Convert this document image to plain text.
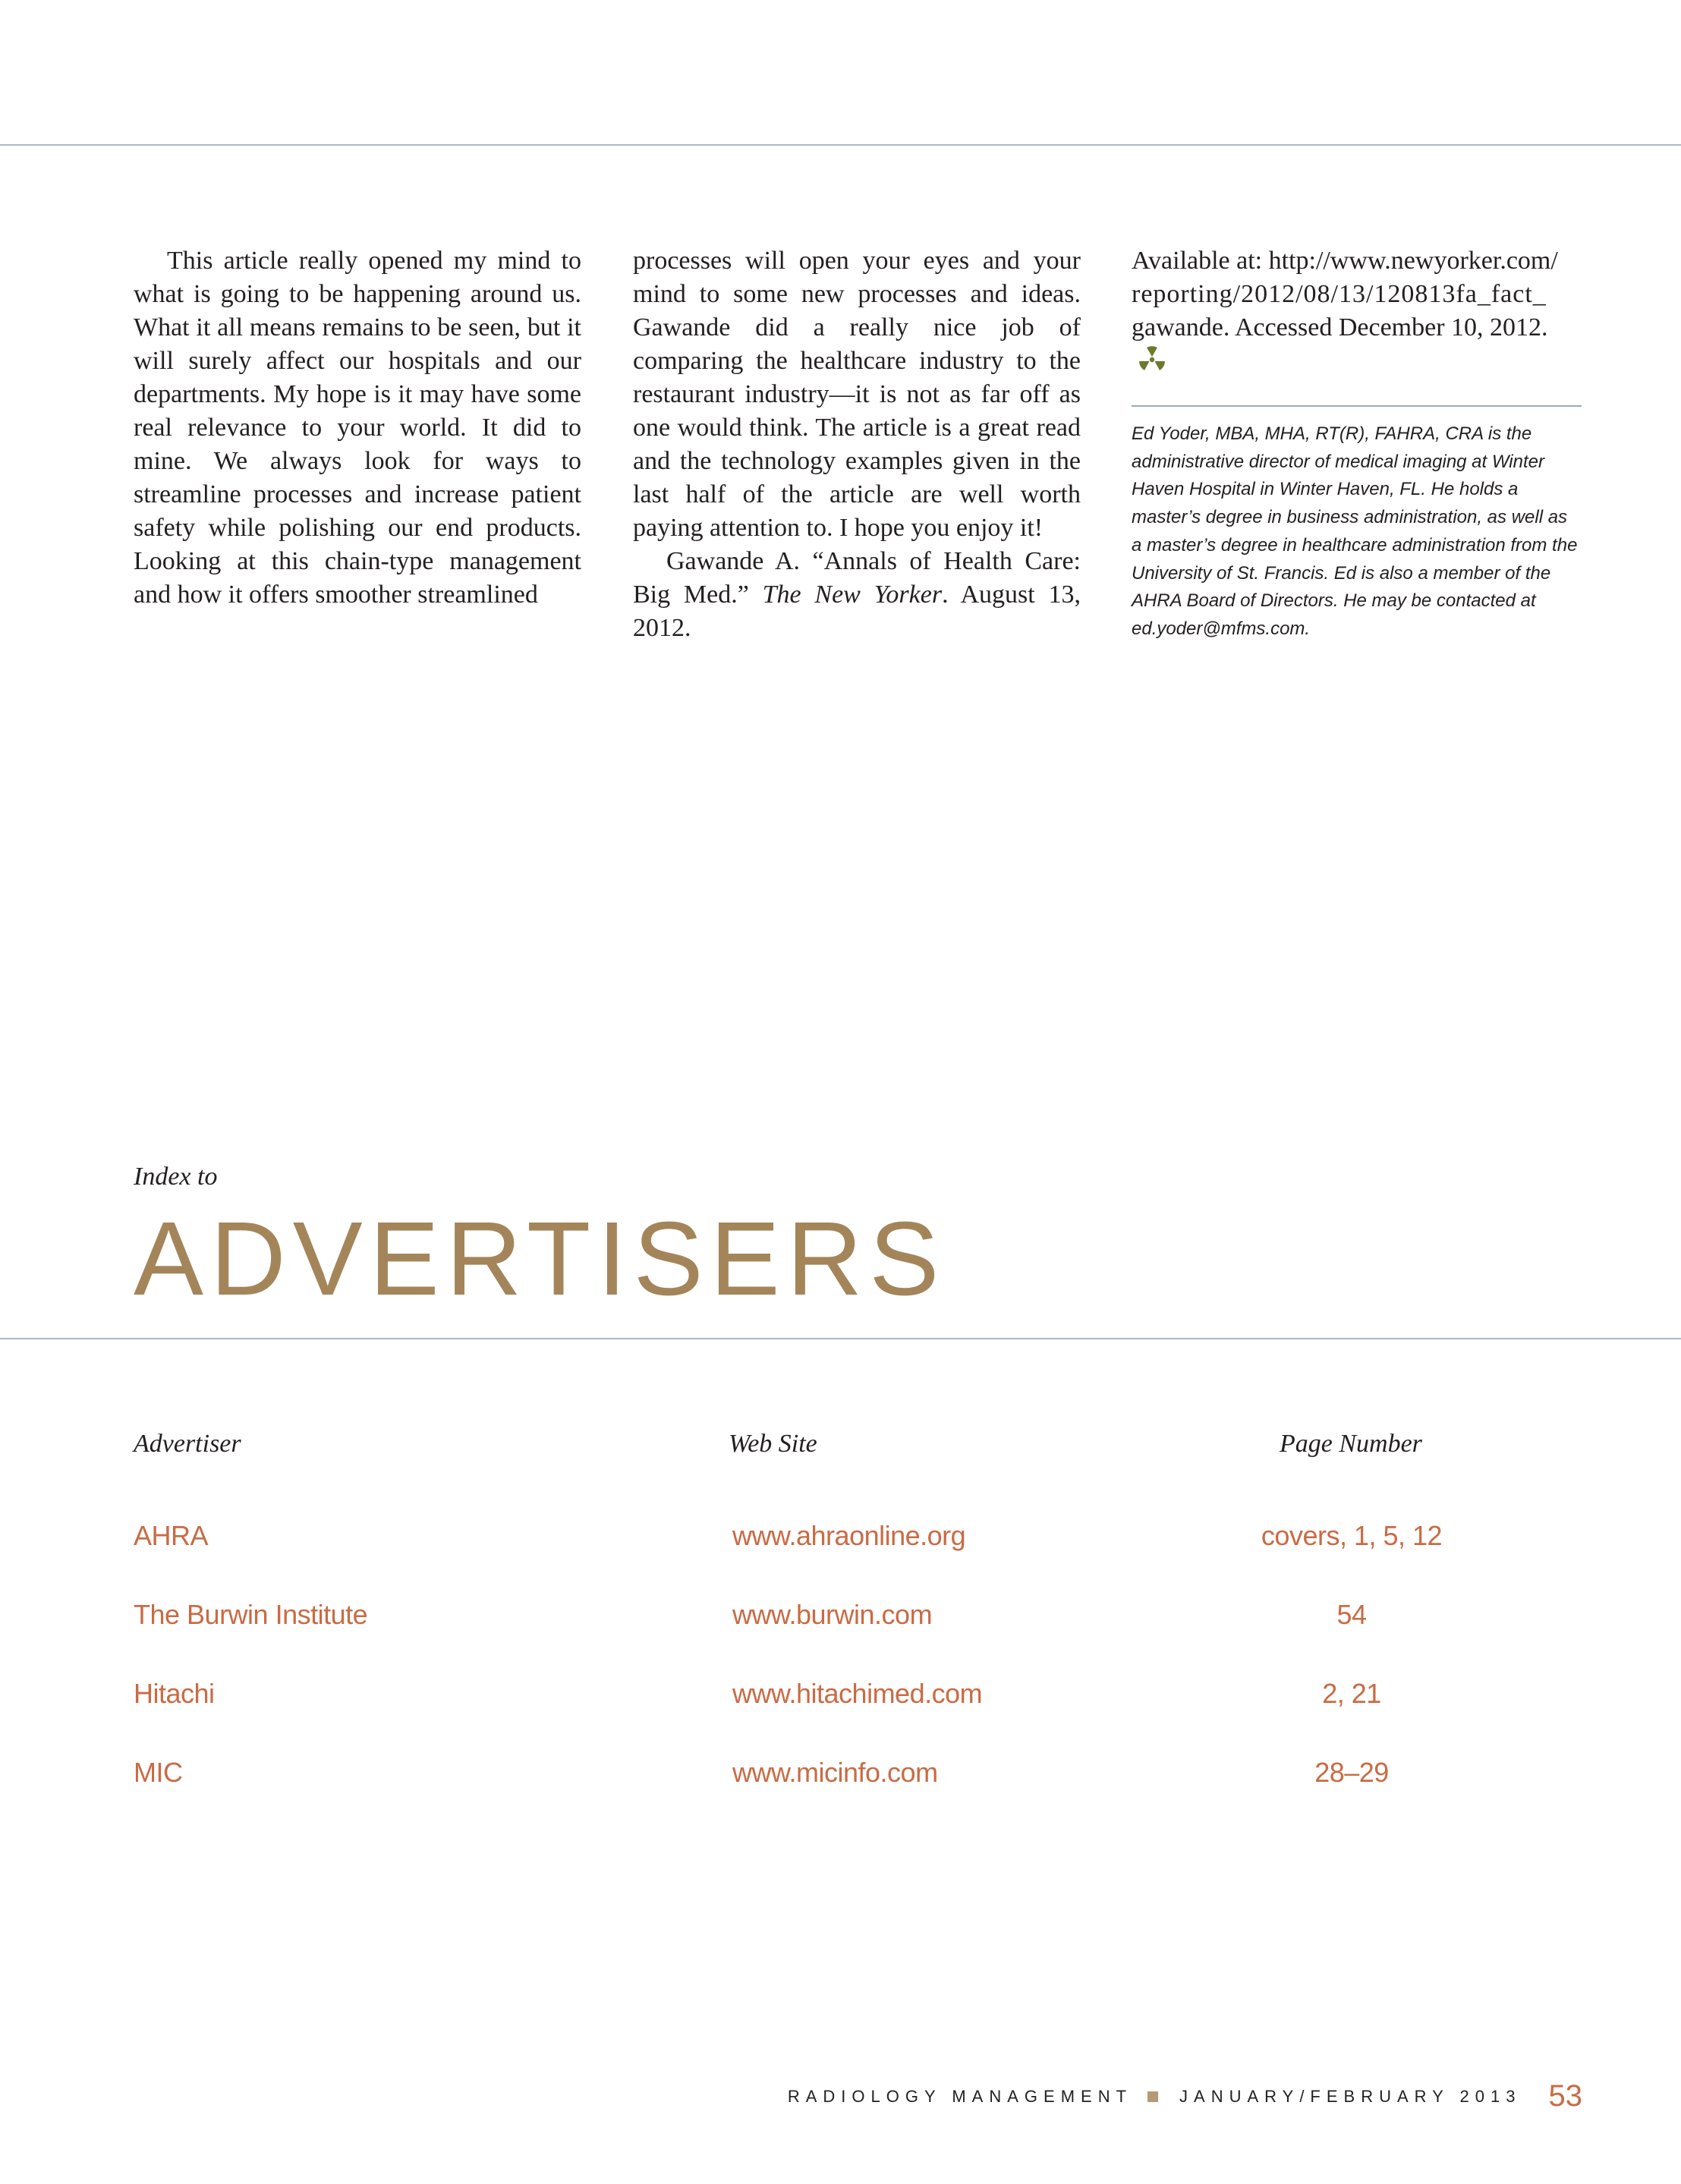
This article really opened my mind to what is going to be happening around us. What it all means remains to be seen, but it will surely affect our hospitals and our departments. My hope is it may have some real relevance to your world. It did to mine. We always look for ways to streamline processes and increase patient safety while polishing our end products. Looking at this chain-type management and how it offers smoother streamlined

processes will open your eyes and your mind to some new processes and ideas. Gawande did a really nice job of comparing the healthcare industry to the restaurant industry—it is not as far off as one would think. The article is a great read and the technology examples given in the last half of the article are well worth paying attention to. I hope you enjoy it!

Gawande A. “Annals of Health Care: Big Med.” The New Yorker. August 13, 2012.

Available at: http://www.newyorker.com/

reporting/2012/08/13/120813fa_fact_

gawande. Accessed December 10, 2012.

Ed Yoder, MBA, MHA, RT(R), FAHRA, CRA is the administrative director of medical imaging at Winter Haven Hospital in Winter Haven, FL. He holds a master’s degree in business administration, as well as a master’s degree in healthcare administration from the University of St. Francis. Ed is also a member of the AHRA Board of Directors. He may be contacted at ed.yoder@mfms.com.
Index to
ADVERTISERS
Advertiser	Web Site	Page Number
AHRA	www.ahraonline.org	covers, 1, 5, 12
The Burwin Institute	www.burwin.com	54
Hitachi	www.hitachimed.com	2, 21
MIC	www.micinfo.com	28–29
RADIOLOGY MANAGEMENT	JANUARY/FEBRUARY 2013 53
